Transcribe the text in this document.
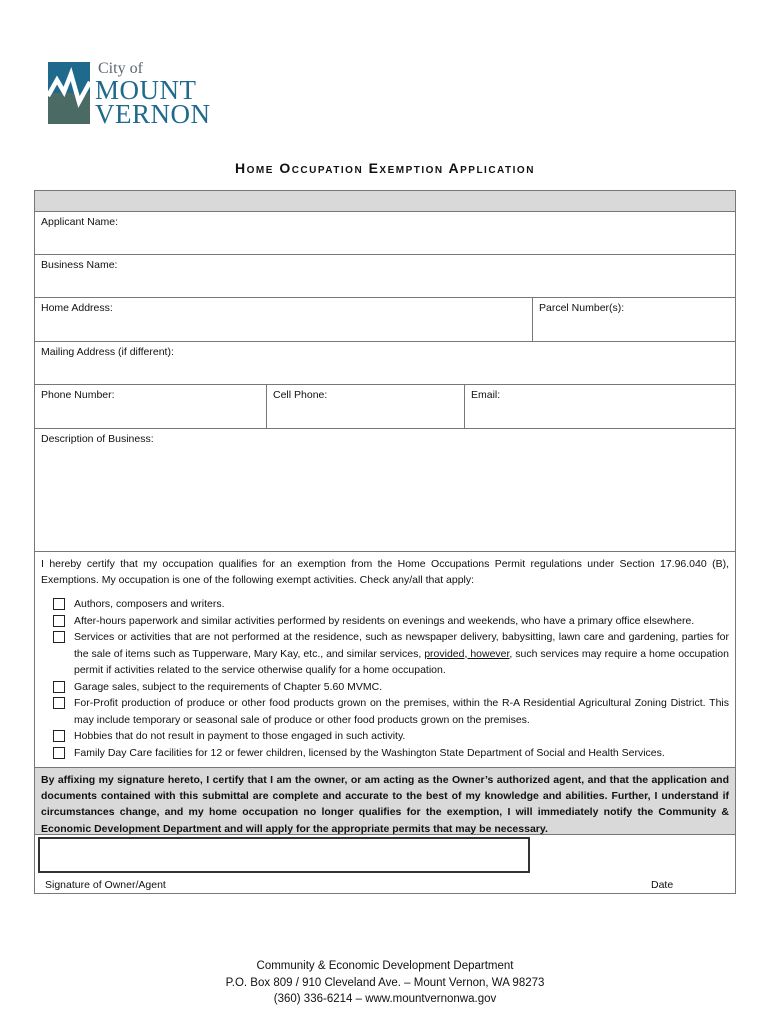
City of
MOUNT
VERNON
Home Occupation Exemption Application
Applicant Name:
Business Name:
Home Address:	Parcel Number(s):
Mailing Address (if different):
Phone Number:	Cell Phone:	Email:
Description of Business:
I hereby certify that my occupation qualifies for an exemption from the Home Occupations Permit regulations under Section 17.96.040 (B), Exemptions. My occupation is one of the following exempt activities. Check any/all that apply:
Authors, composers and writers.
After-hours paperwork and similar activities performed by residents on evenings and weekends, who have a primary office elsewhere.
Services or activities that are not performed at the residence, such as newspaper delivery, babysitting, lawn care and gardening, parties for the sale of items such as Tupperware, Mary Kay, etc., and similar services, provided, however, such services may require a home occupation permit if activities related to the service otherwise qualify for a home occupation.
Garage sales, subject to the requirements of Chapter 5.60 MVMC.
For-Profit production of produce or other food products grown on the premises, within the R-A Residential Agricultural Zoning District. This may include temporary or seasonal sale of produce or other food products grown on the premises.
Hobbies that do not result in payment to those engaged in such activity.
Family Day Care facilities for 12 or fewer children, licensed by the Washington State Department of Social and Health Services.
By affixing my signature hereto, I certify that I am the owner, or am acting as the Owner’s authorized agent, and that the application and documents contained with this submittal are complete and accurate to the best of my knowledge and abilities. Further, I understand if circumstances change, and my home occupation no longer qualifies for the exemption, I will immediately notify the Community & Economic Development Department and will apply for the appropriate permits that may be necessary.
Signature of Owner/Agent	Date
Community & Economic Development Department
P.O. Box 809 / 910 Cleveland Ave. – Mount Vernon, WA 98273
(360) 336-6214 – www.mountvernonwa.gov
